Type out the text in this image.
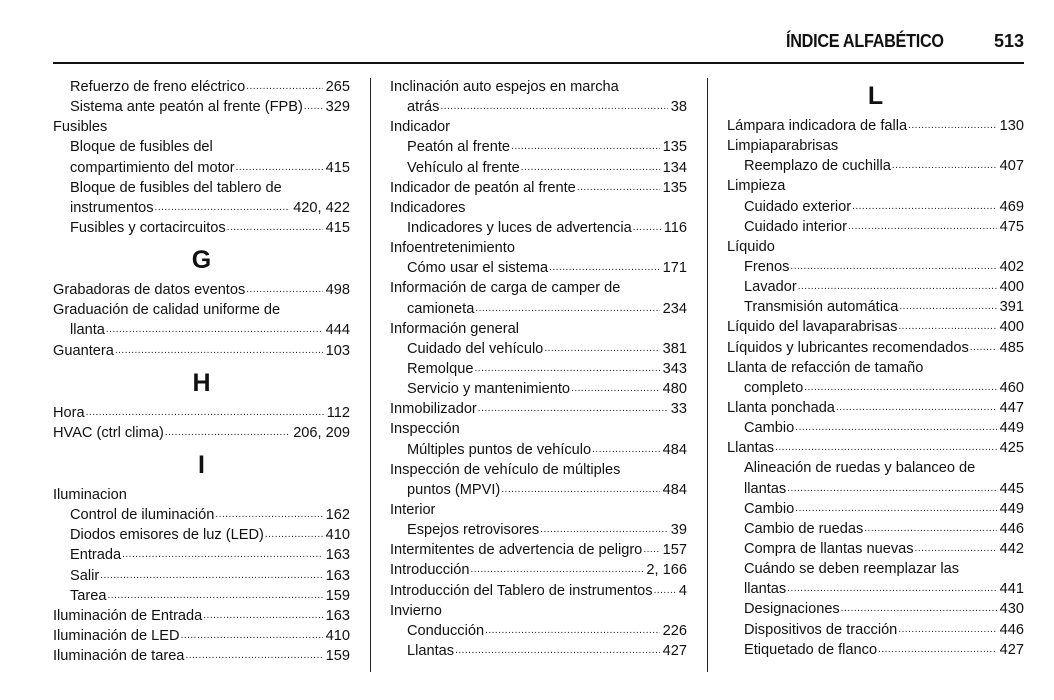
ÍNDICE ALFABÉTICO	513
Refuerzo de freno eléctrico .....	265
Sistema ante peatón al frente (FPB) ..... 329
Fusibles
Bloque de fusibles del
compartimiento del motor .....	415
Bloque de fusibles del tablero de
instrumentos .....	420, 422
Fusibles y cortacircuitos .....	415
G
Grabadoras de datos eventos .....	498
Graduación de calidad uniforme de
llanta .....	444
Guantera .....	103
H
Hora .....	112
HVAC (ctrl clima) .....	206, 209
I
Iluminacion
Control de iluminación .....	162
Diodos emisores de luz (LED) .....	410
Entrada .....	163
Salir .....	163
Tarea .....	159
Iluminación de Entrada .....	163
Iluminación de LED .....	410
Iluminación de tarea .....	159
Inclinación auto espejos en marcha
atrás .....	38
Indicador
Peatón al frente .....	135
Vehículo al frente .....	134
Indicador de peatón al frente .....	135
Indicadores
Indicadores y luces de advertencia ..... 116
Infoentretenimiento
Cómo usar el sistema .....	171
Información de carga de camper de
camioneta .....	234
Información general
Cuidado del vehículo .....	381
Remolque .....	343
Servicio y mantenimiento .....	480
Inmobilizador .....	33
Inspección
Múltiples puntos de vehículo .....	484
Inspección de vehículo de múltiples
puntos (MPVI) .....	484
Interior
Espejos retrovisores .....	39
Intermitentes de advertencia de peligro ..... 157
Introducción .....	2, 166
Introducción del Tablero de instrumentos ..... 4
Invierno
Conducción .....	226
Llantas .....	427
L
Lámpara indicadora de falla .....	130
Limpiaparabrisas
Reemplazo de cuchilla .....	407
Limpieza
Cuidado exterior .....	469
Cuidado interior .....	475
Líquido
Frenos .....	402
Lavador .....	400
Transmisión automática .....	391
Líquido del lavaparabrisas .....	400
Líquidos y lubricantes recomendados ..... 485
Llanta de refacción de tamaño
completo .....	460
Llanta ponchada .....	447
Cambio .....	449
Llantas .....	425
Alineación de ruedas y balanceo de
llantas .....	445
Cambio .....	449
Cambio de ruedas .....	446
Compra de llantas nuevas .....	442
Cuándo se deben reemplazar las
llantas .....	441
Designaciones .....	430
Dispositivos de tracción .....	446
Etiquetado de flanco .....	427
